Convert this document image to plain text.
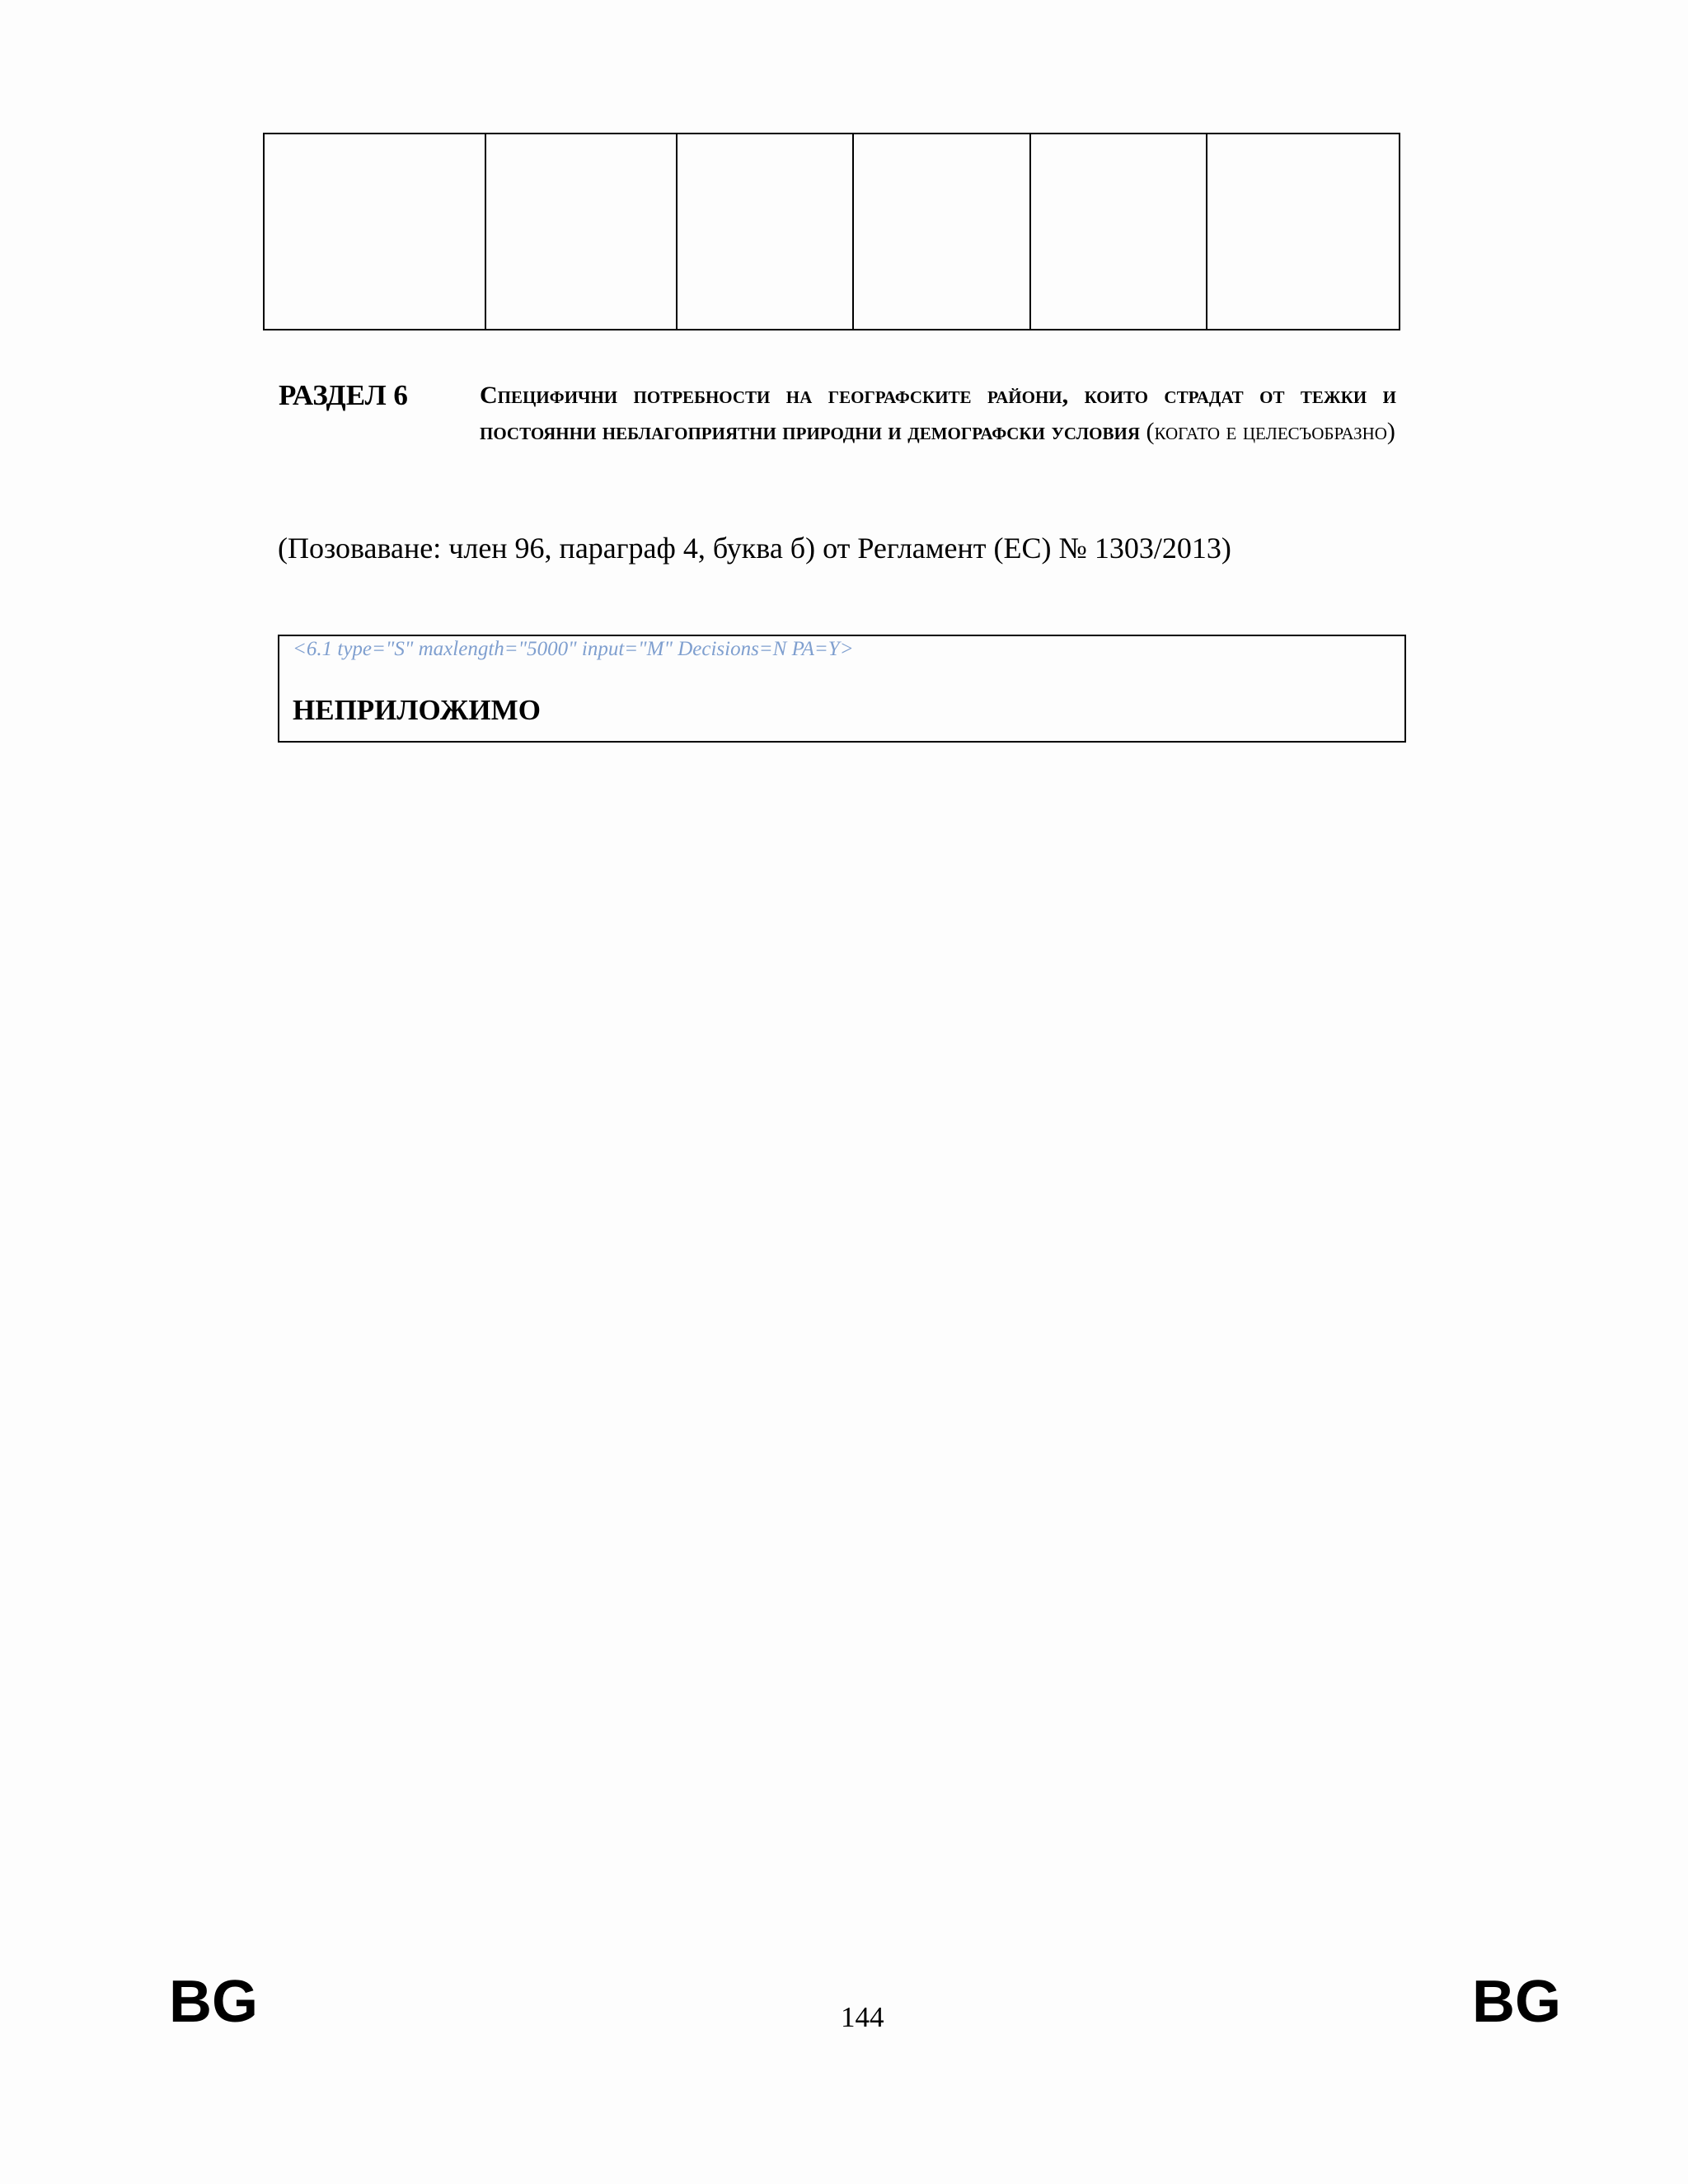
РАЗДЕЛ 6	Специфични потребности на географските райони, които страдат от тежки и постоянни неблагоприятни природни и демографски условия (когато е целесъобразно)
(Позоваване: член 96, параграф 4, буква б) от Регламент (ЕС) № 1303/2013)
<6.1 type="S" maxlength="5000" input="M" Decisions=N PA=Y>
НЕПРИЛОЖИМО
BG	144	BG
